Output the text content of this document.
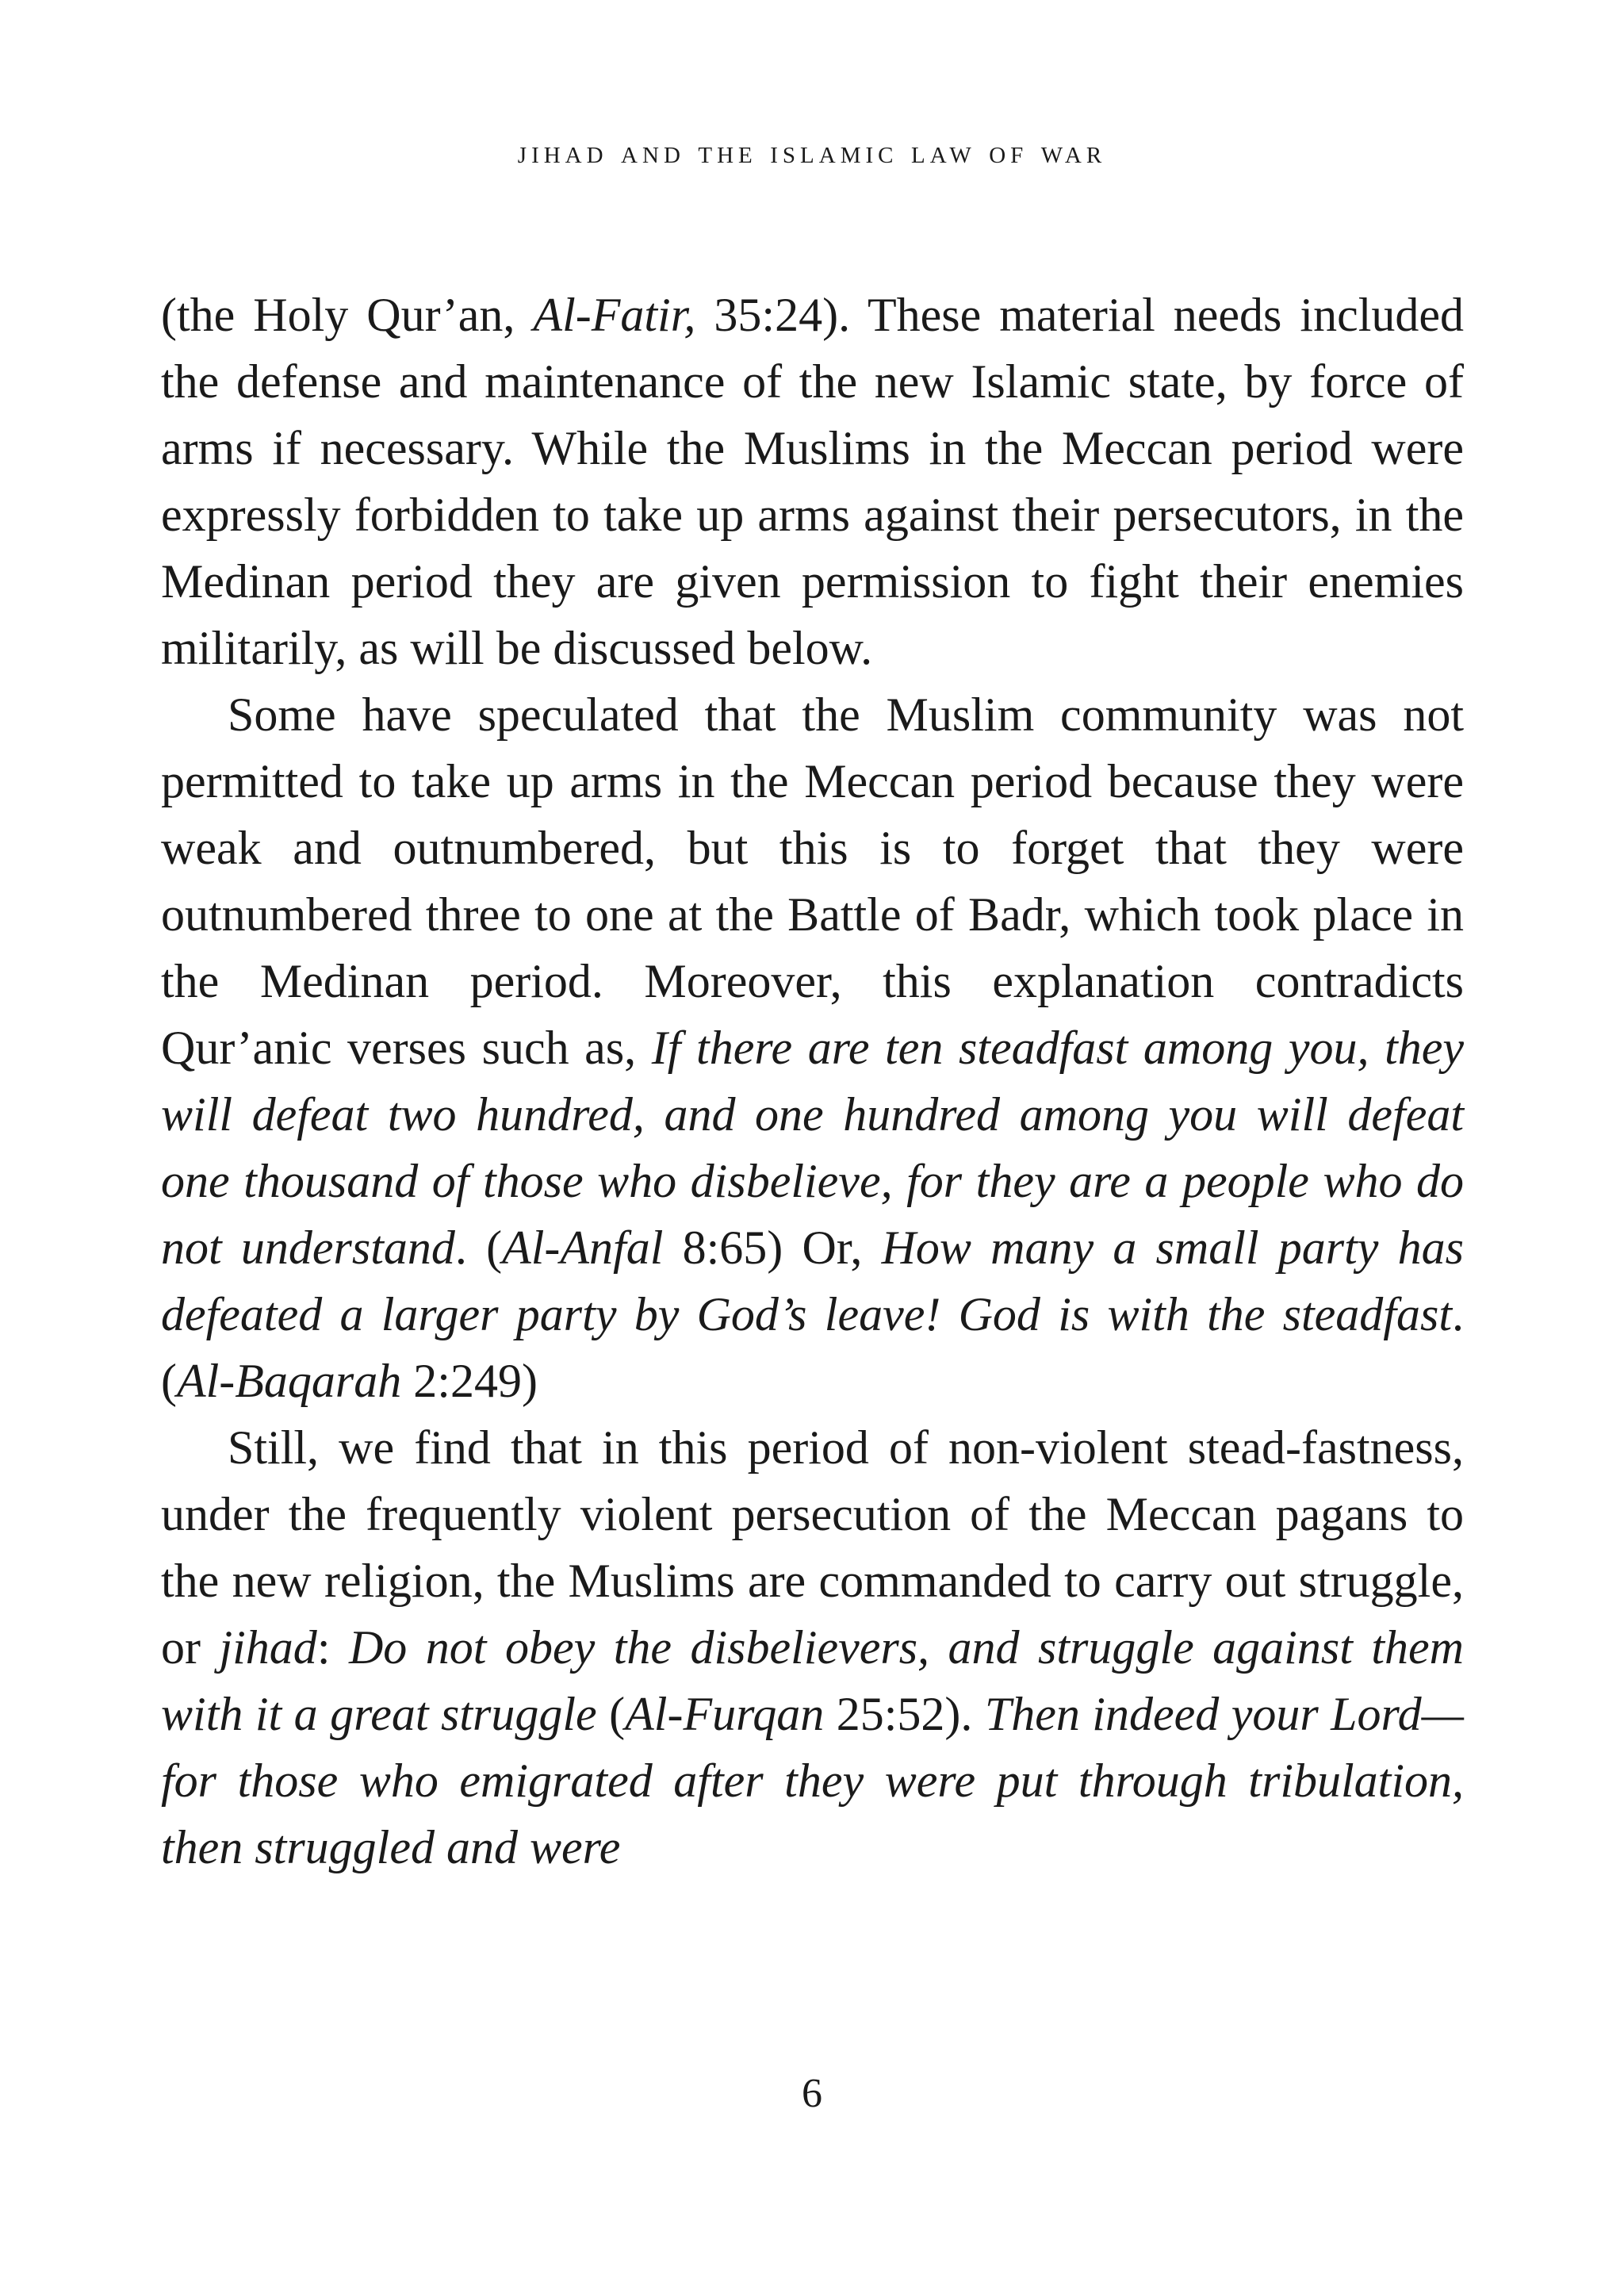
jihad and the islamic law of war

(the Holy Qur’an, Al-Fatir, 35:24). These material needs included the defense and maintenance of the new Islamic state, by force of arms if necessary. While the Muslims in the Meccan period were expressly forbidden to take up arms against their persecutors, in the Medinan period they are given permission to fight their enemies militarily, as will be discussed below.

Some have speculated that the Muslim community was not permitted to take up arms in the Meccan period because they were weak and outnumbered, but this is to forget that they were outnumbered three to one at the Battle of Badr, which took place in the Medinan period. Moreover, this explanation contradicts Qur’anic verses such as, If there are ten steadfast among you, they will defeat two hundred, and one hundred among you will defeat one thousand of those who disbelieve, for they are a people who do not understand. (Al-Anfal 8:65) Or, How many a small party has defeated a larger party by God’s leave! God is with the steadfast. (Al-Baqarah 2:249)

Still, we find that in this period of non-violent stead-fastness, under the frequently violent persecution of the Meccan pagans to the new religion, the Muslims are commanded to carry out struggle, or jihad: Do not obey the disbelievers, and struggle against them with it a great struggle (Al-Furqan 25:52). Then indeed your Lord—for those who emigrated after they were put through tribulation, then struggled and were

6
